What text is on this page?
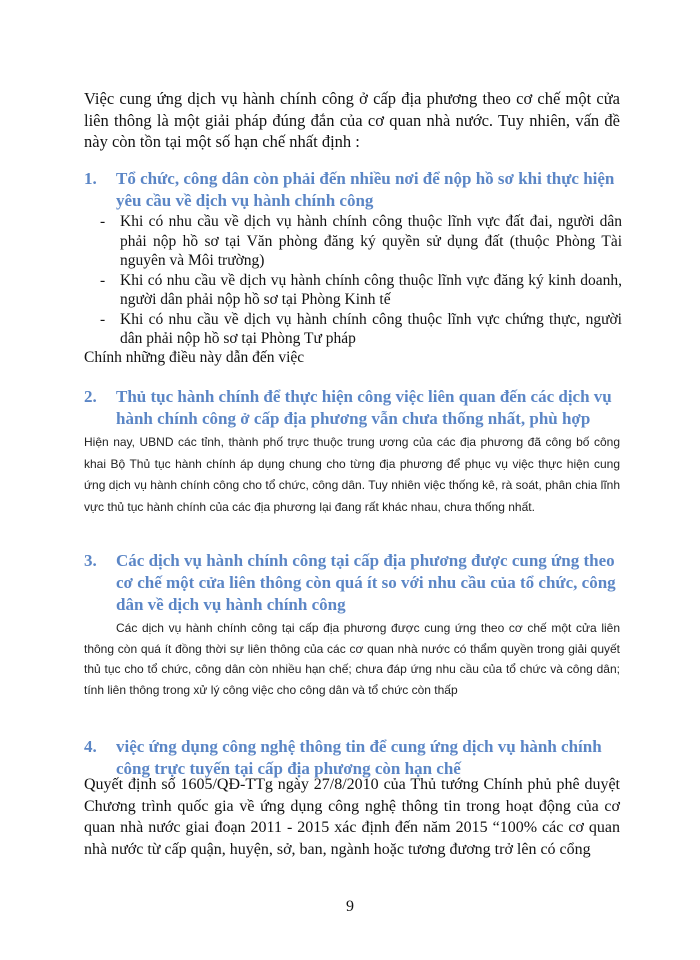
Việc cung ứng dịch vụ hành chính công ở cấp địa phương theo cơ chế một cửa liên thông là một giải pháp đúng đắn của cơ quan nhà nước. Tuy nhiên, vấn đề này còn tồn tại một số hạn chế nhất định :

1. Tổ chức, công dân còn phải đến nhiều nơi để nộp hồ sơ khi thực hiện yêu cầu về dịch vụ hành chính công
- Khi có nhu cầu về dịch vụ hành chính công thuộc lĩnh vực đất đai, người dân phải nộp hồ sơ tại Văn phòng đăng ký quyền sử dụng đất (thuộc Phòng Tài nguyên và Môi trường)
- Khi có nhu cầu về dịch vụ hành chính công thuộc lĩnh vực đăng ký kinh doanh, người dân phải nộp hồ sơ tại Phòng Kinh tế
- Khi có nhu cầu về dịch vụ hành chính công thuộc lĩnh vực chứng thực, người dân phải nộp hồ sơ tại Phòng Tư pháp
Chính những điều này dẫn đến việc
2. Thủ tục hành chính để thực hiện công việc liên quan đến các dịch vụ hành chính công ở cấp địa phương vẫn chưa thống nhất, phù hợp

Hiện nay, UBND các tỉnh, thành phố trực thuộc trung ương của các địa phương đã công bố công khai Bộ Thủ tục hành chính áp dụng chung cho từng địa phương để phục vụ việc thực hiện cung ứng dịch vụ hành chính công cho tổ chức, công dân. Tuy nhiên việc thống kê, rà soát, phân chia lĩnh vực thủ tục hành chính của các địa phương lại đang rất khác nhau, chưa thống nhất.

3. Các dịch vụ hành chính công tại cấp địa phương được cung ứng theo cơ chế một cửa liên thông còn quá ít so với nhu cầu của tổ chức, công dân về dịch vụ hành chính công

Các dịch vụ hành chính công tại cấp địa phương được cung ứng theo cơ chế một cửa liên thông còn quá ít đồng thời sự liên thông của các cơ quan nhà nước có thẩm quyền trong giải quyết thủ tục cho tổ chức, công dân còn nhiều hạn chế; chưa đáp ứng nhu cầu của tổ chức và công dân; tính liên thông trong xử lý công việc cho công dân và tổ chức còn thấp

4. việc ứng dụng công nghệ thông tin để cung ứng dịch vụ hành chính công trực tuyến tại cấp địa phương còn hạn chế

Quyết định số 1605/QĐ-TTg ngày 27/8/2010 của Thủ tướng Chính phủ phê duyệt Chương trình quốc gia về ứng dụng công nghệ thông tin trong hoạt động của cơ quan nhà nước giai đoạn 2011 - 2015 xác định đến năm 2015 “100% các cơ quan nhà nước từ cấp quận, huyện, sở, ban, ngành hoặc tương đương trở lên có cổng

9
